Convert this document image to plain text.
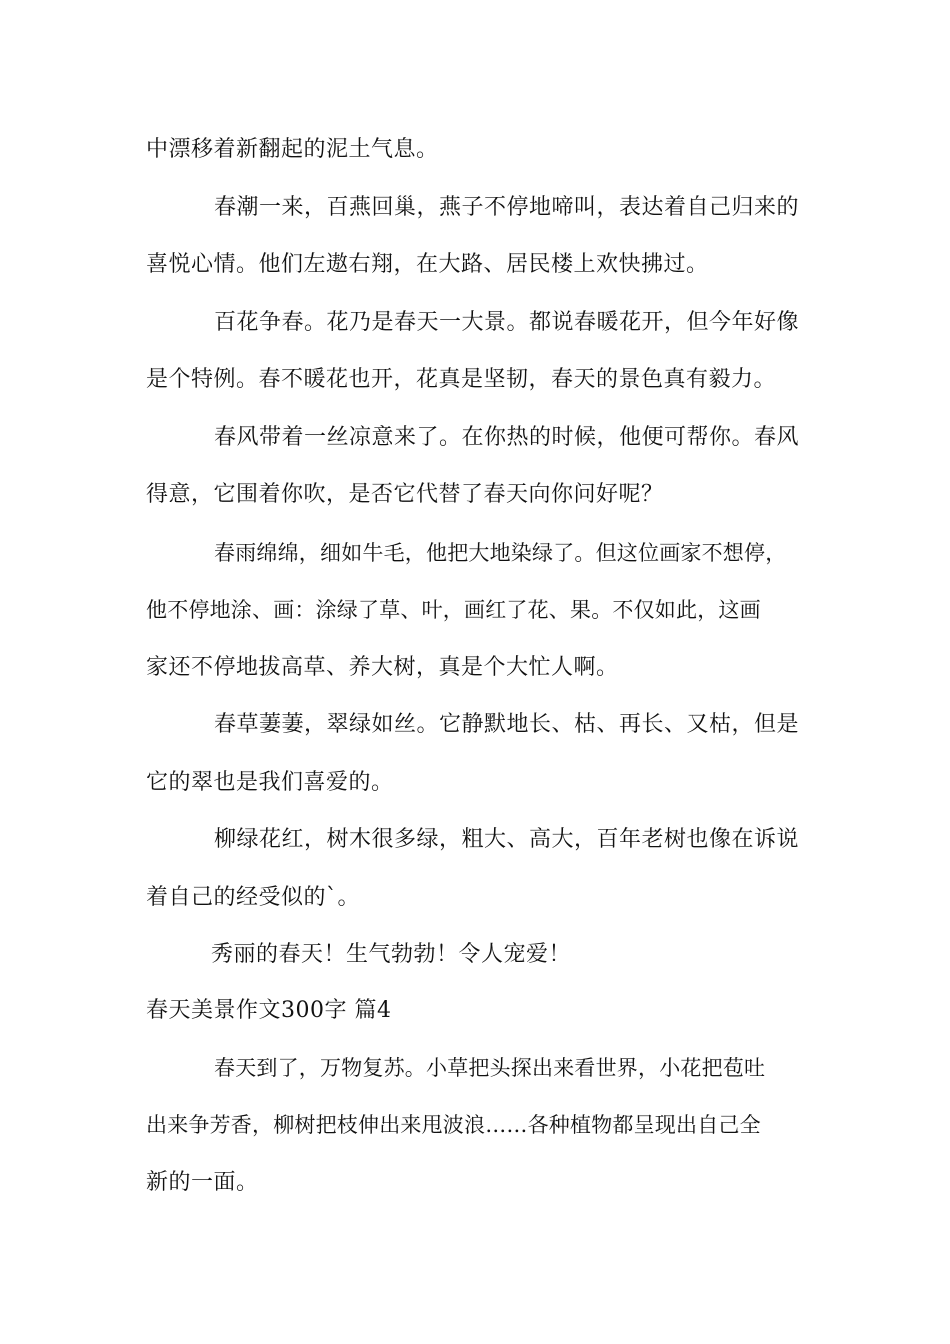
中漂移着新翻起的泥土气息。
春潮一来，百燕回巢，燕子不停地啼叫，表达着自己归来的
喜悦心情。他们左遨右翔，在大路、居民楼上欢快拂过。
百花争春。花乃是春天一大景。都说春暖花开，但今年好像
是个特例。春不暖花也开，花真是坚韧，春天的景色真有毅力。
春风带着一丝凉意来了。在你热的时候，他便可帮你。春风
得意，它围着你吹，是否它代替了春天向你问好呢？
春雨绵绵，细如牛毛，他把大地染绿了。但这位画家不想停，
他不停地涂、画：涂绿了草、叶，画红了花、果。不仅如此，这画
家还不停地拔高草、养大树，真是个大忙人啊。
春草萋萋，翠绿如丝。它静默地长、枯、再长、又枯，但是
它的翠也是我们喜爱的。
柳绿花红，树木很多绿，粗大、高大，百年老树也像在诉说
着自己的经受似的`。
秀丽的春天！生气勃勃！令人宠爱！
春天美景作文300字 篇4
春天到了，万物复苏。小草把头探出来看世界，小花把苞吐
出来争芳香，柳树把枝伸出来甩波浪……各种植物都呈现出自己全
新的一面。
